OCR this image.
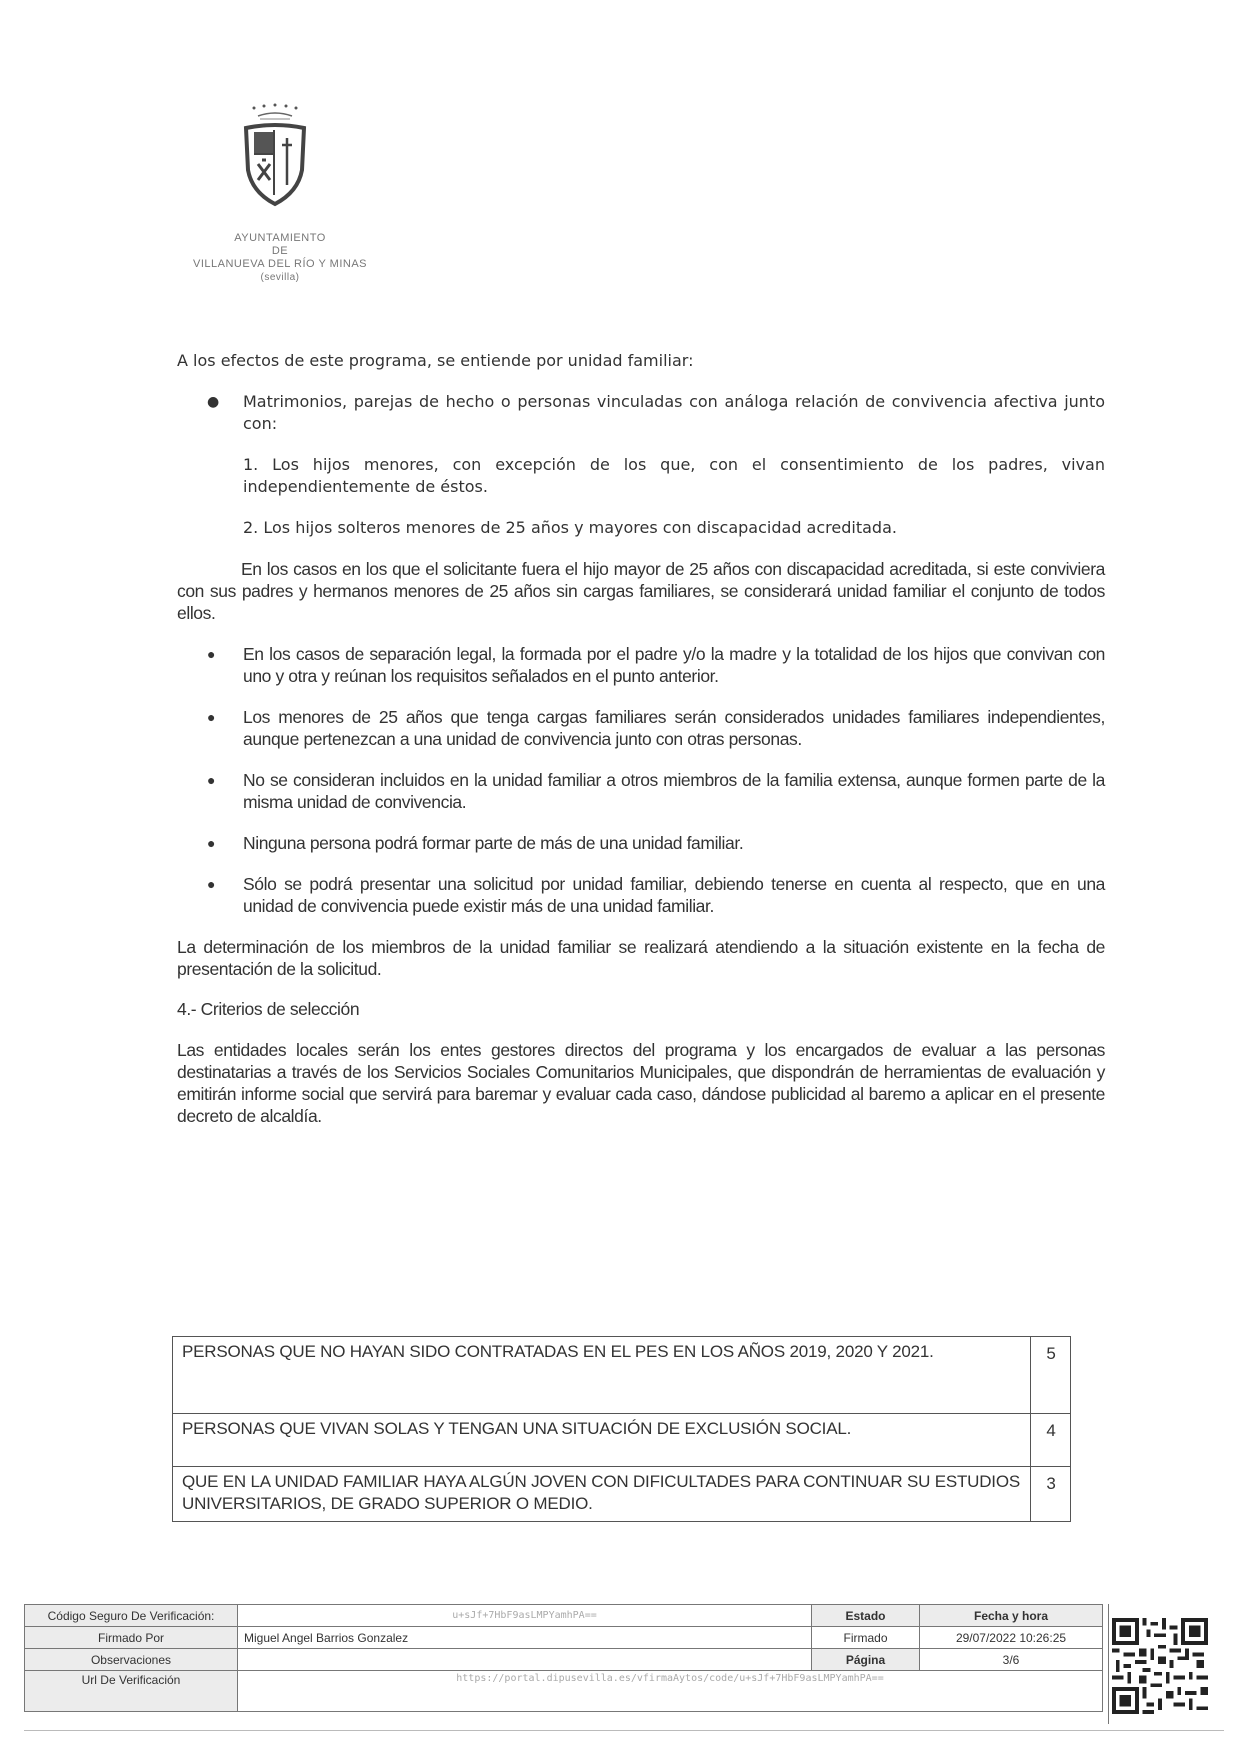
AYUNTAMIENTO
DE
VILLANUEVA DEL RÍO Y MINAS
(sevilla)

A los efectos de este programa, se entiende por unidad familiar:

● Matrimonios, parejas de hecho o personas vinculadas con análoga relación de convivencia afectiva junto con:
1. Los hijos menores, con excepción de los que, con el consentimiento de los padres, vivan independientemente de éstos.
2. Los hijos solteros menores de 25 años y mayores con discapacidad acreditada.

En los casos en los que el solicitante fuera el hijo mayor de 25 años con discapacidad acreditada, si este conviviera con sus padres y hermanos menores de 25 años sin cargas familiares, se considerará unidad familiar el conjunto de todos ellos.

● En los casos de separación legal, la formada por el padre y/o la madre y la totalidad de los hijos que convivan con uno y otra y reúnan los requisitos señalados en el punto anterior.
● Los menores de 25 años que tenga cargas familiares serán considerados unidades familiares independientes, aunque pertenezcan a una unidad de convivencia junto con otras personas.
● No se consideran incluidos en la unidad familiar a otros miembros de la familia extensa, aunque formen parte de la misma unidad de convivencia.
● Ninguna persona podrá formar parte de más de una unidad familiar.
● Sólo se podrá presentar una solicitud por unidad familiar, debiendo tenerse en cuenta al respecto, que en una unidad de convivencia puede existir más de una unidad familiar.

La determinación de los miembros de la unidad familiar se realizará atendiendo a la situación existente en la fecha de presentación de la solicitud.

4.- Criterios de selección

Las entidades locales serán los entes gestores directos del programa y los encargados de evaluar a las personas destinatarias a través de los Servicios Sociales Comunitarios Municipales, que dispondrán de herramientas de evaluación y emitirán informe social que servirá para baremar y evaluar cada caso, dándose publicidad al baremo a aplicar en el presente decreto de alcaldía.

PERSONAS QUE NO HAYAN SIDO CONTRATADAS EN EL PES EN LOS AÑOS 2019, 2020 Y 2021.	5
PERSONAS QUE VIVAN SOLAS Y TENGAN UNA SITUACIÓN DE EXCLUSIÓN SOCIAL.	4
QUE EN LA UNIDAD FAMILIAR HAYA ALGÚN JOVEN CON DIFICULTADES PARA CONTINUAR SU ESTUDIOS UNIVERSITARIOS, DE GRADO SUPERIOR O MEDIO.	3
Código Seguro De Verificación:	u+sJf+7HbF9asLMPYamhPA==	Estado	Fecha y hora
Firmado Por	Miguel Angel Barrios Gonzalez	Firmado	29/07/2022 10:26:25
Observaciones		Página	3/6
Url De Verificación	https://portal.dipusevilla.es/vfirmaAytos/code/u+sJf+7HbF9asLMPYamhPA==		
